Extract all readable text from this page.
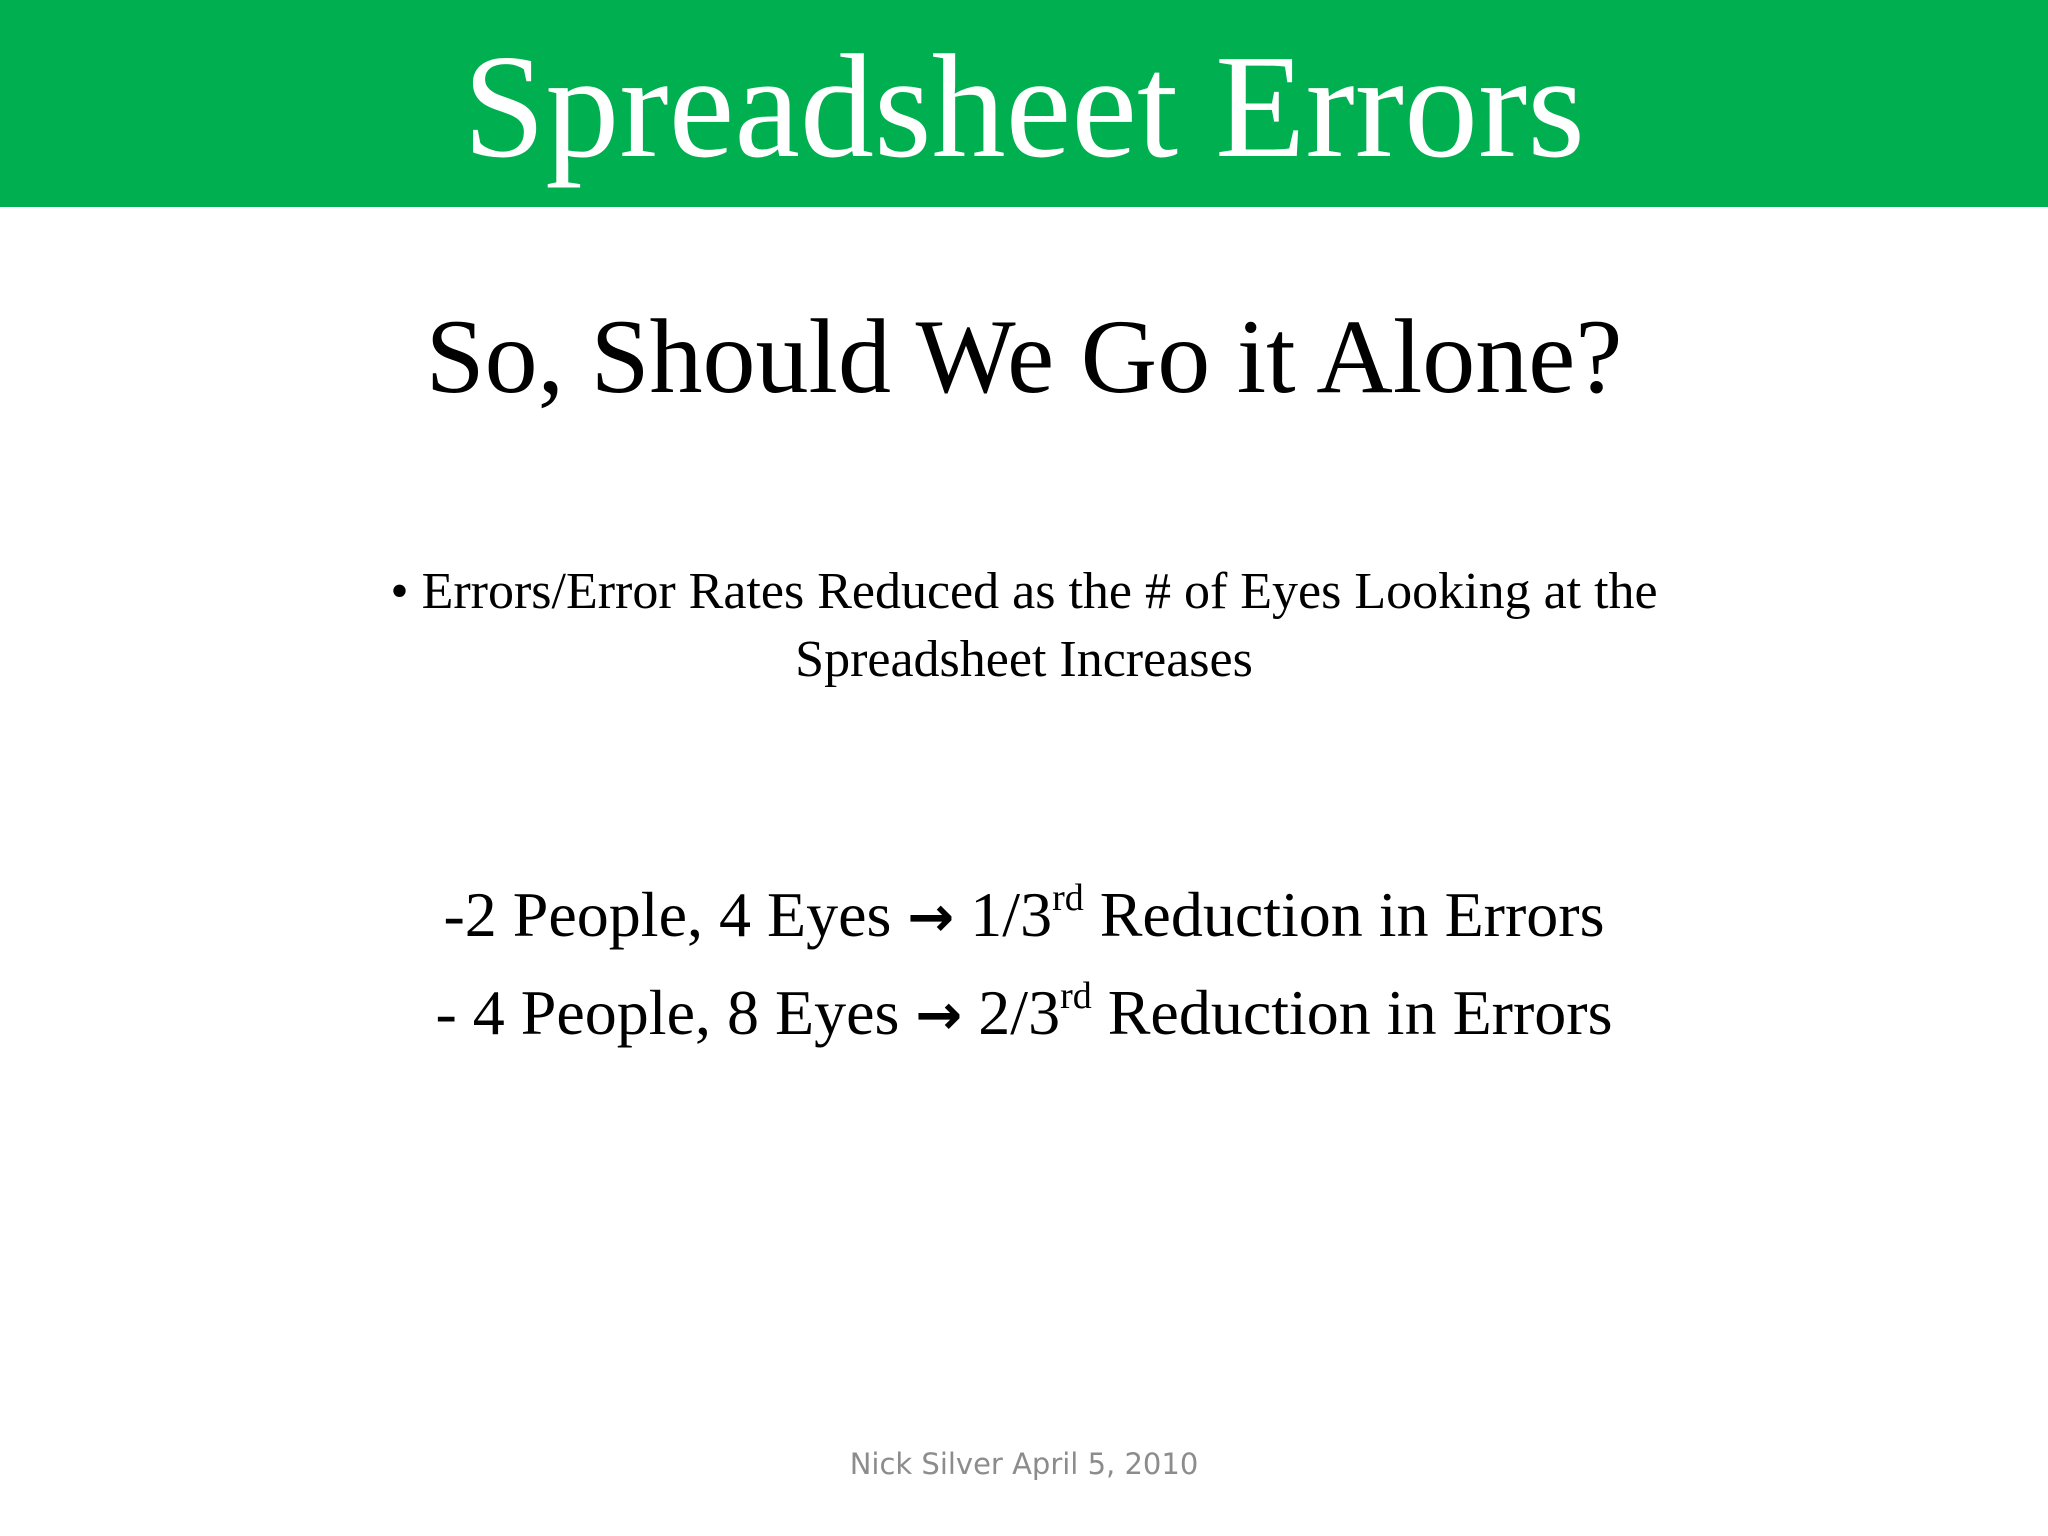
Spreadsheet Errors
So, Should We Go it Alone?
• Errors/Error Rates Reduced as the # of Eyes Looking at the
Spreadsheet Increases
-2 People, 4 Eyes → 1/3rd Reduction in Errors
- 4 People, 8 Eyes → 2/3rd Reduction in Errors
Nick Silver April 5, 2010
